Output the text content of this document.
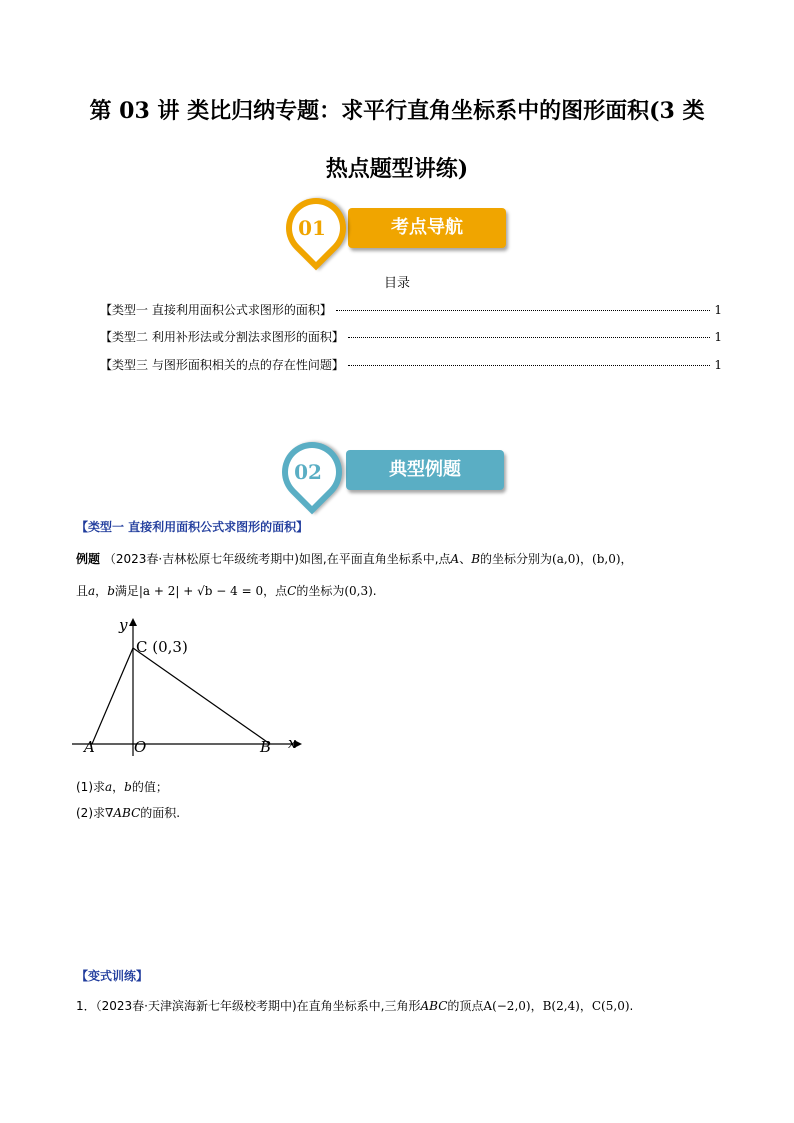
第 03 讲 类比归纳专题：求平行直角坐标系中的图形面积(3 类
热点题型讲练)
考点导航
01
目录
【类型一 直接利用面积公式求图形的面积】	1
【类型二 利用补形法或分割法求图形的面积】	1
【类型三 与图形面积相关的点的存在性问题】	1
典型例题
02
【类型一 直接利用面积公式求图形的面积】
例题 （2023春·吉林松原七年级统考期中)如图,在平面直角坐标系中,点A、B的坐标分别为(a,0)，(b,0)，
且a，b满足|a + 2| + √b − 4 = 0，点C的坐标为(0,3).
y
x
C (0,3)
A	O	B
(1)求a，b的值；
(2)求∇ABC的面积.
【变式训练】
1．（2023春·天津滨海新七年级校考期中)在直角坐标系中,三角形ABC的顶点A(−2,0)，B(2,4)，C(5,0).
